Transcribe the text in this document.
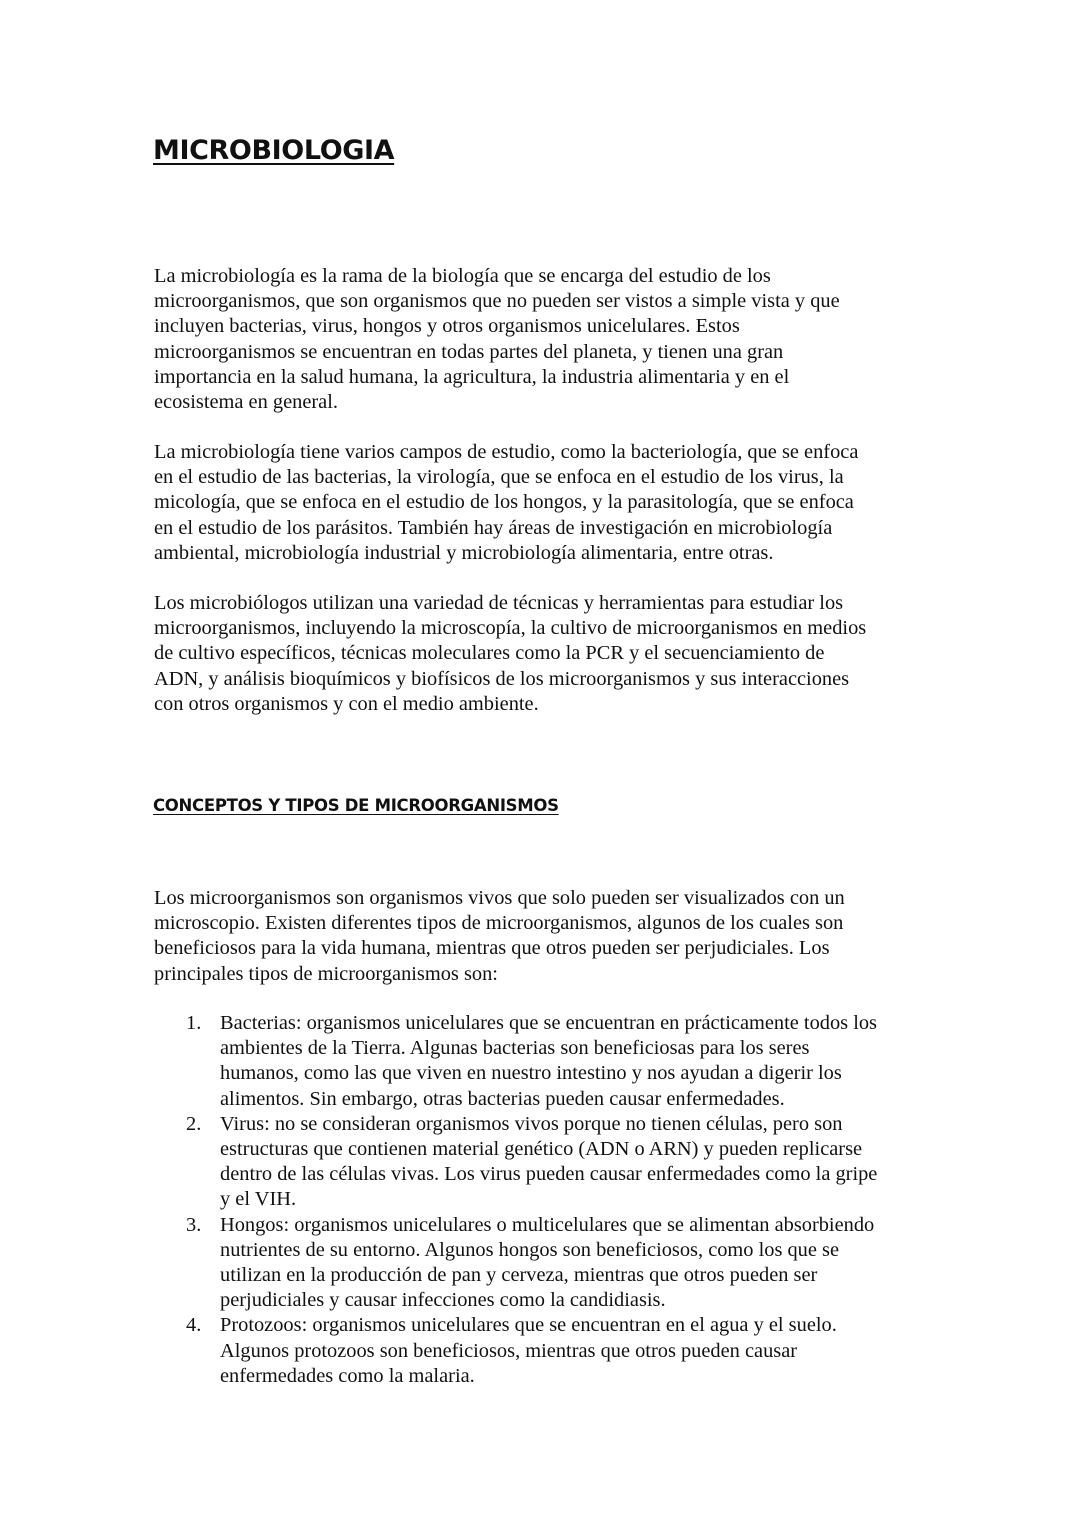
MICROBIOLOGIA

La microbiología es la rama de la biología que se encarga del estudio de los
microorganismos, que son organismos que no pueden ser vistos a simple vista y que
incluyen bacterias, virus, hongos y otros organismos unicelulares. Estos
microorganismos se encuentran en todas partes del planeta, y tienen una gran
importancia en la salud humana, la agricultura, la industria alimentaria y en el
ecosistema en general.

La microbiología tiene varios campos de estudio, como la bacteriología, que se enfoca
en el estudio de las bacterias, la virología, que se enfoca en el estudio de los virus, la
micología, que se enfoca en el estudio de los hongos, y la parasitología, que se enfoca
en el estudio de los parásitos. También hay áreas de investigación en microbiología
ambiental, microbiología industrial y microbiología alimentaria, entre otras.

Los microbiólogos utilizan una variedad de técnicas y herramientas para estudiar los
microorganismos, incluyendo la microscopía, la cultivo de microorganismos en medios
de cultivo específicos, técnicas moleculares como la PCR y el secuenciamiento de
ADN, y análisis bioquímicos y biofísicos de los microorganismos y sus interacciones
con otros organismos y con el medio ambiente.

CONCEPTOS Y TIPOS DE MICROORGANISMOS

Los microorganismos son organismos vivos que solo pueden ser visualizados con un
microscopio. Existen diferentes tipos de microorganismos, algunos de los cuales son
beneficiosos para la vida humana, mientras que otros pueden ser perjudiciales. Los
principales tipos de microorganismos son:

1. Bacterias: organismos unicelulares que se encuentran en prácticamente todos los
ambientes de la Tierra. Algunas bacterias son beneficiosas para los seres
humanos, como las que viven en nuestro intestino y nos ayudan a digerir los
alimentos. Sin embargo, otras bacterias pueden causar enfermedades.
2. Virus: no se consideran organismos vivos porque no tienen células, pero son
estructuras que contienen material genético (ADN o ARN) y pueden replicarse
dentro de las células vivas. Los virus pueden causar enfermedades como la gripe
y el VIH.
3. Hongos: organismos unicelulares o multicelulares que se alimentan absorbiendo
nutrientes de su entorno. Algunos hongos son beneficiosos, como los que se
utilizan en la producción de pan y cerveza, mientras que otros pueden ser
perjudiciales y causar infecciones como la candidiasis.
4. Protozoos: organismos unicelulares que se encuentran en el agua y el suelo.
Algunos protozoos son beneficiosos, mientras que otros pueden causar
enfermedades como la malaria.
